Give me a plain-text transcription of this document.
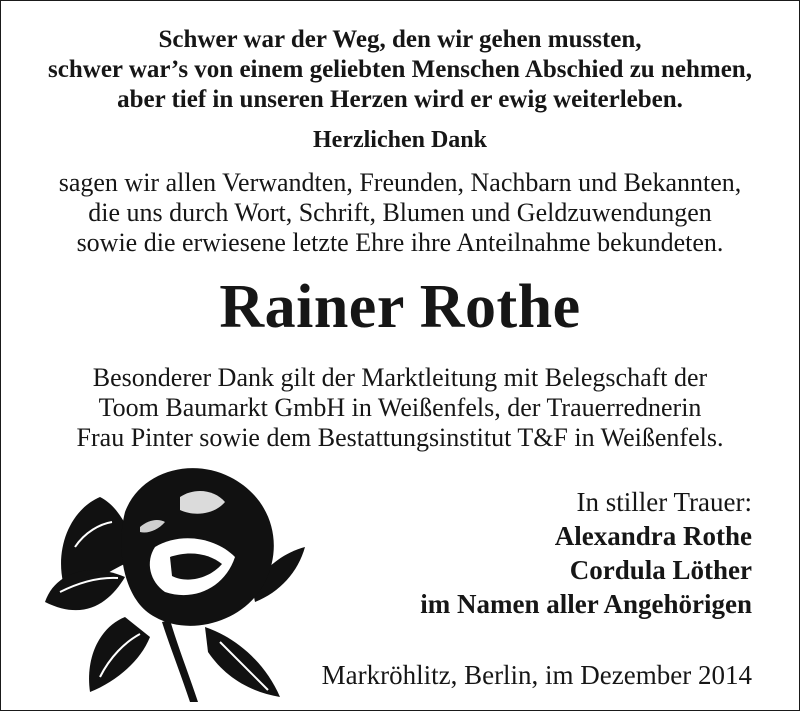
Schwer war der Weg, den wir gehen mussten,
schwer war’s von einem geliebten Menschen Abschied zu nehmen,
aber tief in unseren Herzen wird er ewig weiterleben.
Herzlichen Dank
sagen wir allen Verwandten, Freunden, Nachbarn und Bekannten,
die uns durch Wort, Schrift, Blumen und Geldzuwendungen
sowie die erwiesene letzte Ehre ihre Anteilnahme bekundeten.
Rainer Rothe
Besonderer Dank gilt der Marktleitung mit Belegschaft der
Toom Baumarkt GmbH in Weißenfels, der Trauerrednerin
Frau Pinter sowie dem Bestattungsinstitut T&F in Weißenfels.
In stiller Trauer:
Alexandra Rothe
Cordula Löther
im Namen aller Angehörigen
Markröhlitz, Berlin, im Dezember 2014
